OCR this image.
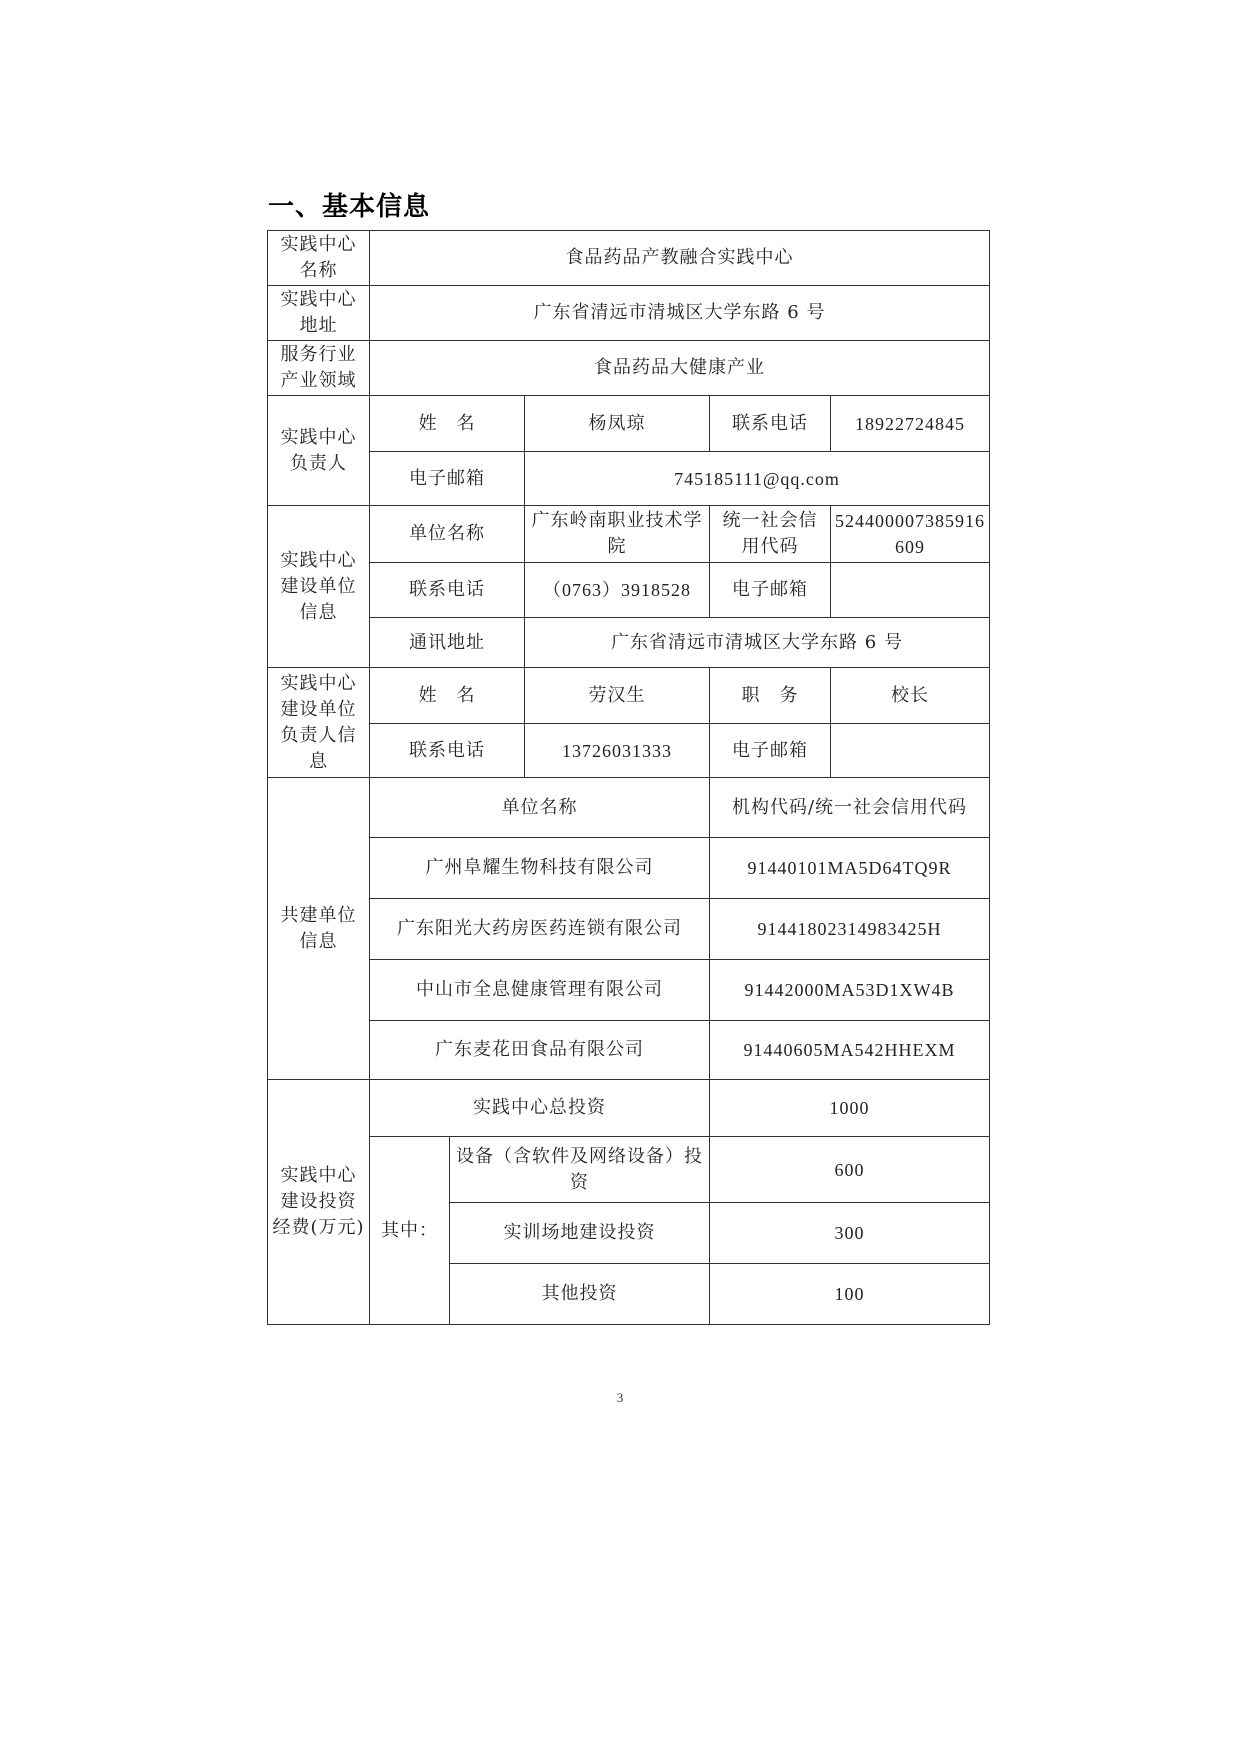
一、基本信息
实践中心名称	食品药品产教融合实践中心				
实践中心地址	广东省清远市清城区大学东路 6 号				
服务行业产业领域	食品药品大健康产业				
实践中心负责人	姓　名		杨凤琼	联系电话	18922724845
	电子邮箱		745185111@qq.com		
实践中心建设单位信息	单位名称		广东岭南职业技术学院	统一社会信用代码	524400007385916609
	联系电话		（0763）3918528	电子邮箱	
	通讯地址		广东省清远市清城区大学东路 6 号		
实践中心建设单位负责人信息	姓　名		劳汉生	职　务	校长
	联系电话		13726031333	电子邮箱	
共建单位信息	单位名称			机构代码/统一社会信用代码	
	广州阜耀生物科技有限公司			91440101MA5D64TQ9R	
	广东阳光大药房医药连锁有限公司			91441802314983425H	
	中山市全息健康管理有限公司			91442000MA53D1XW4B	
	广东麦花田食品有限公司			91440605MA542HHEXM	
实践中心建设投资经费(万元)	实践中心总投资			1000	
	其中：	设备（含软件及网络设备）投资		600	
		实训场地建设投资		300	
		其他投资		100	
3
